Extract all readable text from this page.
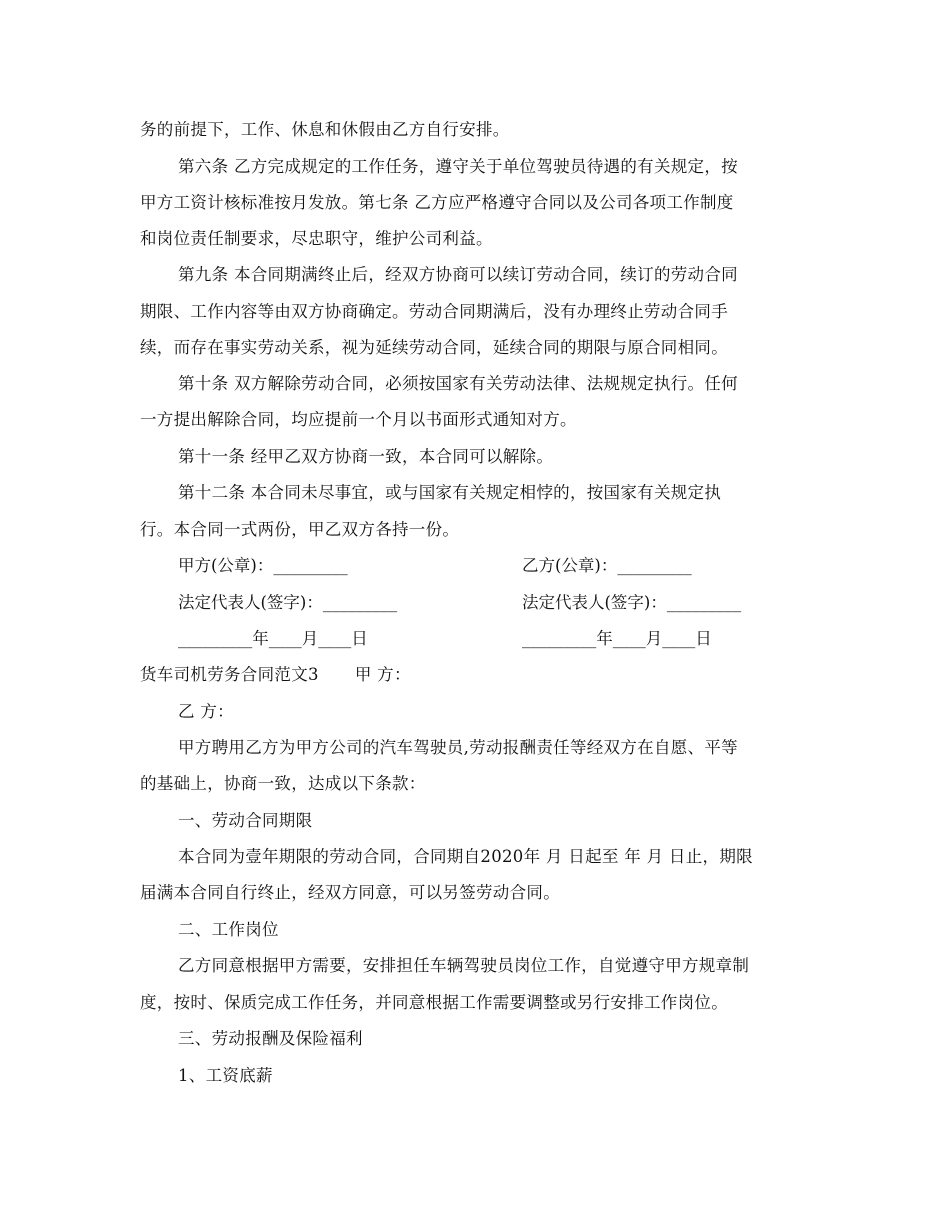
务的前提下，工作、休息和休假由乙方自行安排。
第六条 乙方完成规定的工作任务，遵守关于单位驾驶员待遇的有关规定，按
甲方工资计核标准按月发放。第七条 乙方应严格遵守合同以及公司各项工作制度
和岗位责任制要求，尽忠职守，维护公司利益。
第九条 本合同期满终止后，经双方协商可以续订劳动合同，续订的劳动合同
期限、工作内容等由双方协商确定。劳动合同期满后，没有办理终止劳动合同手
续，而存在事实劳动关系，视为延续劳动合同，延续合同的期限与原合同相同。
第十条 双方解除劳动合同，必须按国家有关劳动法律、法规规定执行。任何
一方提出解除合同，均应提前一个月以书面形式通知对方。
第十一条 经甲乙双方协商一致，本合同可以解除。
第十二条 本合同未尽事宜，或与国家有关规定相悖的，按国家有关规定执
行。本合同一式两份，甲乙双方各持一份。
甲方(公章)：_________	乙方(公章)：_________
法定代表人(签字)：_________	法定代表人(签字)：_________
_________年____月____日	_________年____月____日
货车司机劳务合同范文3 甲 方：
乙 方：
甲方聘用乙方为甲方公司的汽车驾驶员,劳动报酬责任等经双方在自愿、平等
的基础上，协商一致，达成以下条款：
一、劳动合同期限
本合同为壹年期限的劳动合同，合同期自2020年 月 日起至 年 月 日止，期限
届满本合同自行终止，经双方同意，可以另签劳动合同。
二、工作岗位
乙方同意根据甲方需要，安排担任车辆驾驶员岗位工作，自觉遵守甲方规章制
度，按时、保质完成工作任务，并同意根据工作需要调整或另行安排工作岗位。
三、劳动报酬及保险福利
1、工资底薪
